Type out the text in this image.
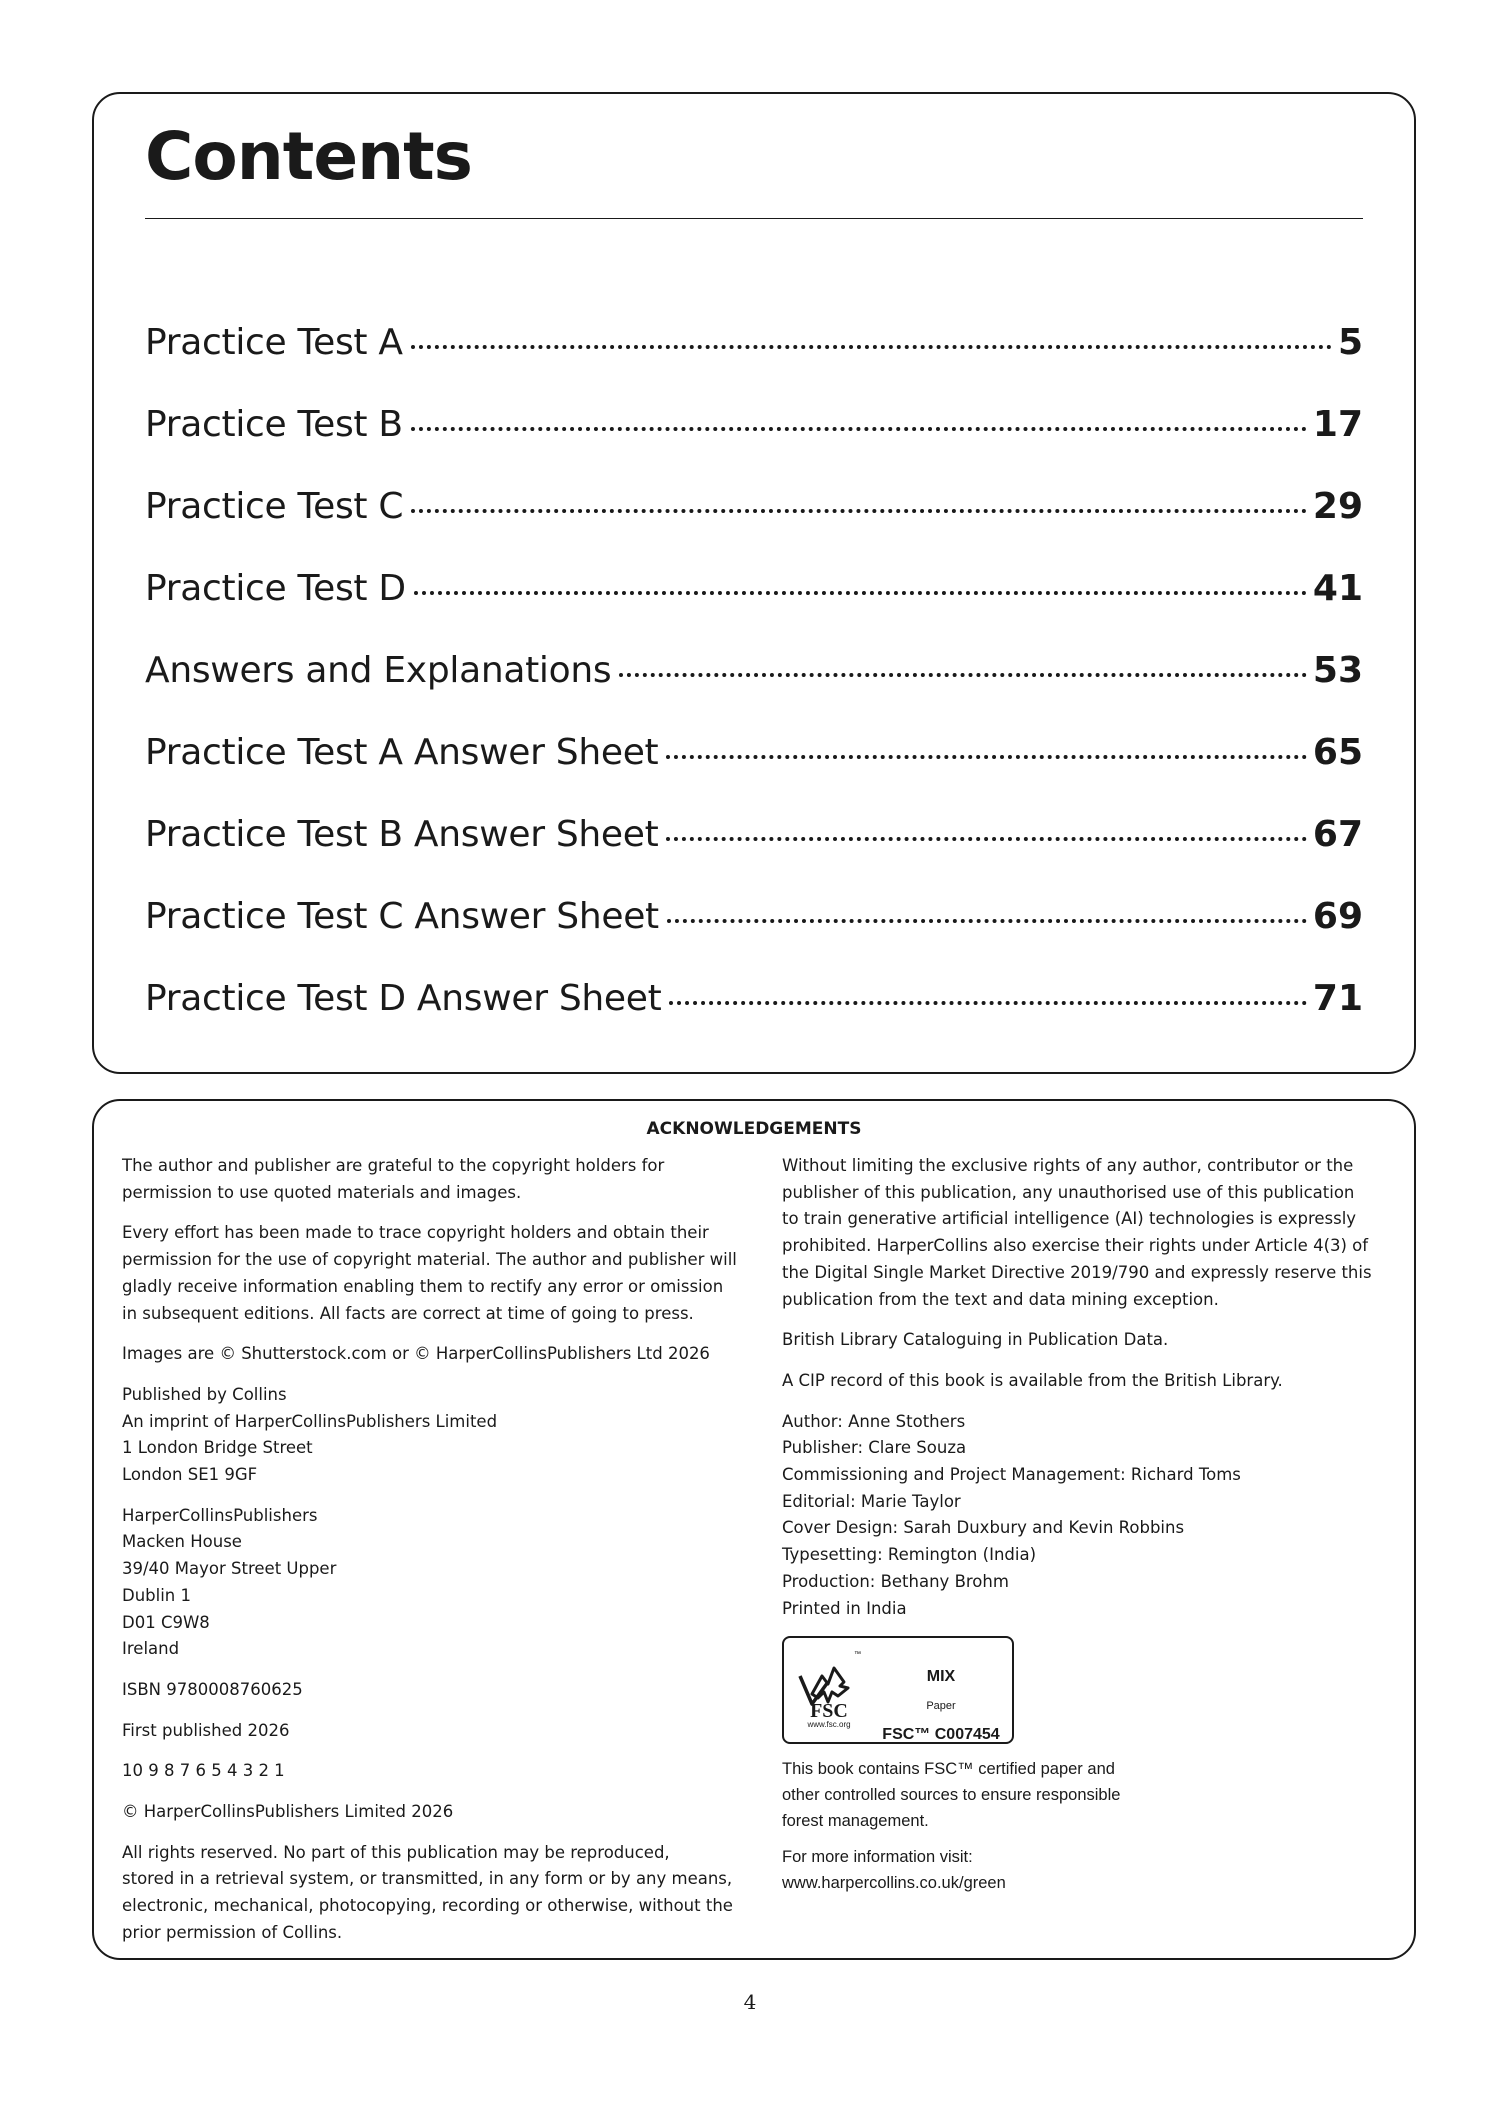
Contents
Practice Test A	5
Practice Test B	17
Practice Test C	29
Practice Test D	41
Answers and Explanations	53
Practice Test A Answer Sheet	65
Practice Test B Answer Sheet	67
Practice Test C Answer Sheet	69
Practice Test D Answer Sheet	71
ACKNOWLEDGEMENTS

The author and publisher are grateful to the copyright holders for
permission to use quoted materials and images.

Every effort has been made to trace copyright holders and obtain their
permission for the use of copyright material. The author and publisher will
gladly receive information enabling them to rectify any error or omission
in subsequent editions. All facts are correct at time of going to press.

Images are © Shutterstock.com or © HarperCollinsPublishers Ltd 2026

Published by Collins
An imprint of HarperCollinsPublishers Limited
1 London Bridge Street
London SE1 9GF

HarperCollinsPublishers
Macken House
39/40 Mayor Street Upper
Dublin 1
D01 C9W8
Ireland

ISBN 9780008760625

First published 2026

10 9 8 7 6 5 4 3 2 1

© HarperCollinsPublishers Limited 2026

All rights reserved. No part of this publication may be reproduced,
stored in a retrieval system, or transmitted, in any form or by any means,
electronic, mechanical, photocopying, recording or otherwise, without the
prior permission of Collins.

Without limiting the exclusive rights of any author, contributor or the
publisher of this publication, any unauthorised use of this publication
to train generative artificial intelligence (AI) technologies is expressly
prohibited. HarperCollins also exercise their rights under Article 4(3) of
the Digital Single Market Directive 2019/790 and expressly reserve this
publication from the text and data mining exception.

British Library Cataloguing in Publication Data.

A CIP record of this book is available from the British Library.

Author: Anne Stothers
Publisher: Clare Souza
Commissioning and Project Management: Richard Toms
Editorial: Marie Taylor
Cover Design: Sarah Duxbury and Kevin Robbins
Typesetting: Remington (India)
Production: Bethany Brohm
Printed in India

™
FSC
www.fsc.org
MIX
Paper
FSC™ C007454

This book contains FSC™ certified paper and
other controlled sources to ensure responsible
forest management.

For more information visit:
www.harpercollins.co.uk/green

4
